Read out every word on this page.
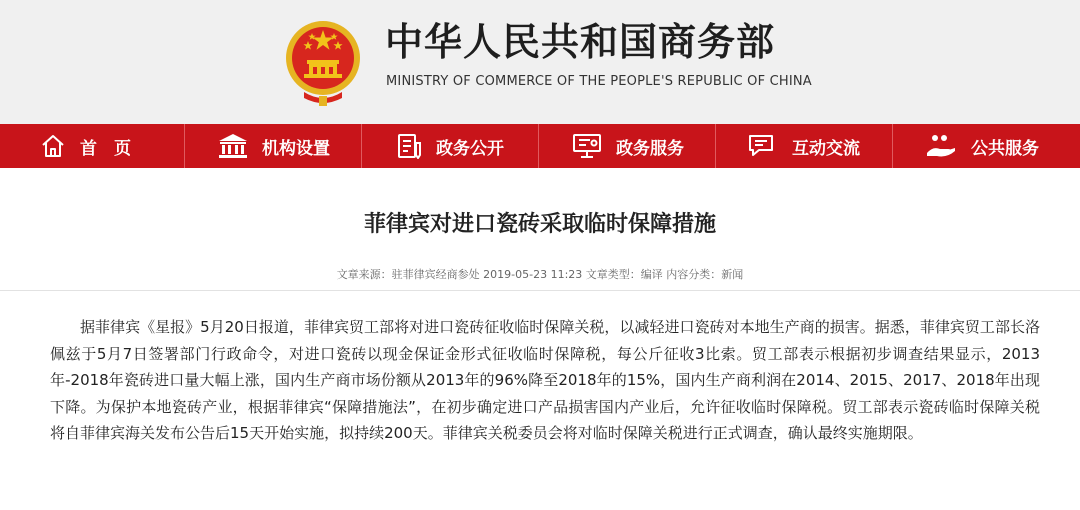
中华人民共和国商务部
MINISTRY OF COMMERCE OF THE PEOPLE'S REPUBLIC OF CHINA
首　页	机构设置	政务公开	政务服务	互动交流	公共服务
菲律宾对进口瓷砖采取临时保障措施
文章来源：驻菲律宾经商参处 2019-05-23 11:23 文章类型：编译 内容分类：新闻

据菲律宾《星报》5月20日报道，菲律宾贸工部将对进口瓷砖征收临时保障关税，以减轻进口瓷砖对本地生产商的损害。据悉，菲律宾贸工部长洛佩兹于5月7日签署部门行政命令，对进口瓷砖以现金保证金形式征收临时保障税，每公斤征收3比索。贸工部表示根据初步调查结果显示，2013年-2018年瓷砖进口量大幅上涨，国内生产商市场份额从2013年的96%降至2018年的15%，国内生产商利润在2014、2015、2017、2018年出现下降。为保护本地瓷砖产业，根据菲律宾“保障措施法”，在初步确定进口产品损害国内产业后，允许征收临时保障税。贸工部表示瓷砖临时保障关税将自菲律宾海关发布公告后15天开始实施，拟持续200天。菲律宾关税委员会将对临时保障关税进行正式调查，确认最终实施期限。
